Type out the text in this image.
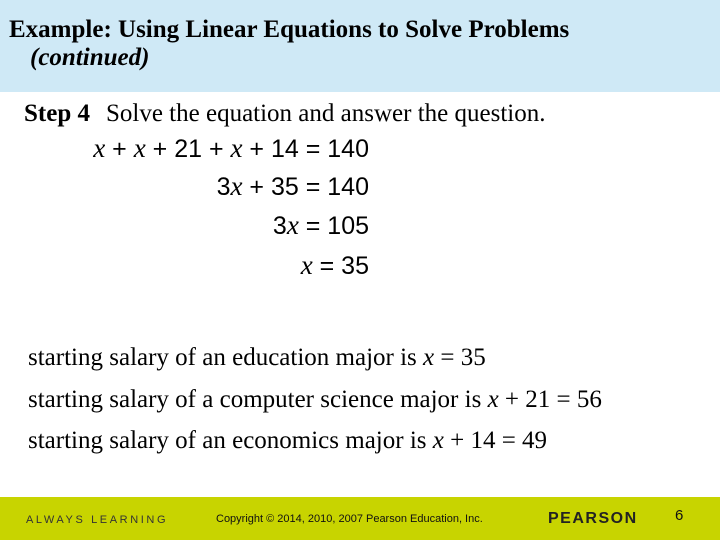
Example: Using Linear Equations to Solve Problems
(continued)
Step 4 Solve the equation and answer the question.
x + x + 21 + x + 14 = 140
3x + 35 = 140
3x = 105
x = 35
starting salary of an education major is x = 35
starting salary of a computer science major is x + 21 = 56
starting salary of an economics major is x + 14 = 49
ALWAYS LEARNING	Copyright © 2014, 2010, 2007 Pearson Education, Inc.	PEARSON 6
